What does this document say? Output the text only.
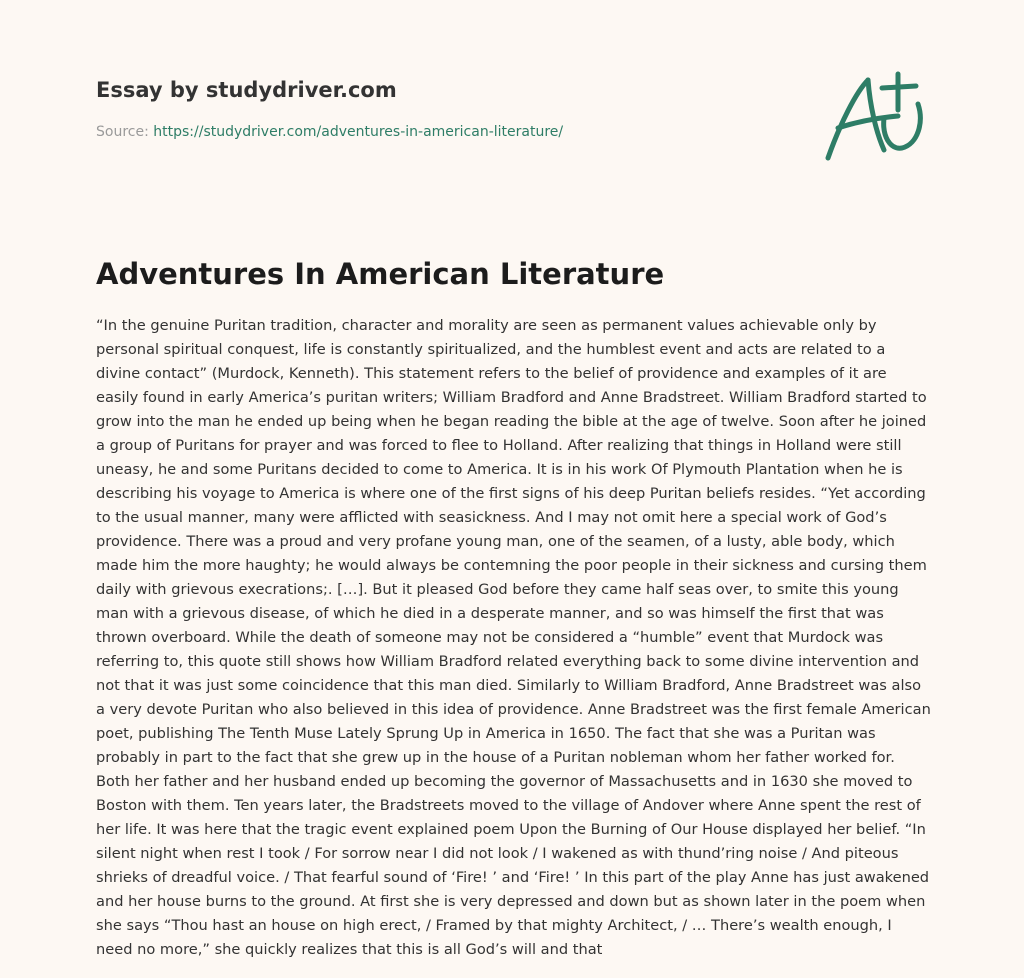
Essay by studydriver.com
Source: https://studydriver.com/adventures-in-american-literature/
Adventures In American Literature

“In the genuine Puritan tradition, character and morality are seen as permanent values achievable only by personal spiritual conquest, life is constantly spiritualized, and the humblest event and acts are related to a divine contact” (Murdock, Kenneth). This statement refers to the belief of providence and examples of it are easily found in early America’s puritan writers; William Bradford and Anne Bradstreet. William Bradford started to grow into the man he ended up being when he began reading the bible at the age of twelve. Soon after he joined a group of Puritans for prayer and was forced to flee to Holland. After realizing that things in Holland were still uneasy, he and some Puritans decided to come to America. It is in his work Of Plymouth Plantation when he is describing his voyage to America is where one of the first signs of his deep Puritan beliefs resides. “Yet according to the usual manner, many were afflicted with seasickness. And I may not omit here a special work of God’s providence. There was a proud and very profane young man, one of the seamen, of a lusty, able body, which made him the more haughty; he would always be contemning the poor people in their sickness and cursing them daily with grievous execrations;. […]. But it pleased God before they came half seas over, to smite this young man with a grievous disease, of which he died in a desperate manner, and so was himself the first that was thrown overboard. While the death of someone may not be considered a “humble” event that Murdock was referring to, this quote still shows how William Bradford related everything back to some divine intervention and not that it was just some coincidence that this man died. Similarly to William Bradford, Anne Bradstreet was also a very devote Puritan who also believed in this idea of providence. Anne Bradstreet was the first female American poet, publishing The Tenth Muse Lately Sprung Up in America in 1650. The fact that she was a Puritan was probably in part to the fact that she grew up in the house of a Puritan nobleman whom her father worked for. Both her father and her husband ended up becoming the governor of Massachusetts and in 1630 she moved to Boston with them. Ten years later, the Bradstreets moved to the village of Andover where Anne spent the rest of her life. It was here that the tragic event explained poem Upon the Burning of Our House displayed her belief. “In silent night when rest I took / For sorrow near I did not look / I wakened as with thund’ring noise / And piteous shrieks of dreadful voice. / That fearful sound of ‘Fire! ’ and ‘Fire! ’ In this part of the play Anne has just awakened and her house burns to the ground. At first she is very depressed and down but as shown later in the poem when she says “Thou hast an house on high erect, / Framed by that mighty Architect, / … There’s wealth enough, I need no more,” she quickly realizes that this is all God’s will and that
